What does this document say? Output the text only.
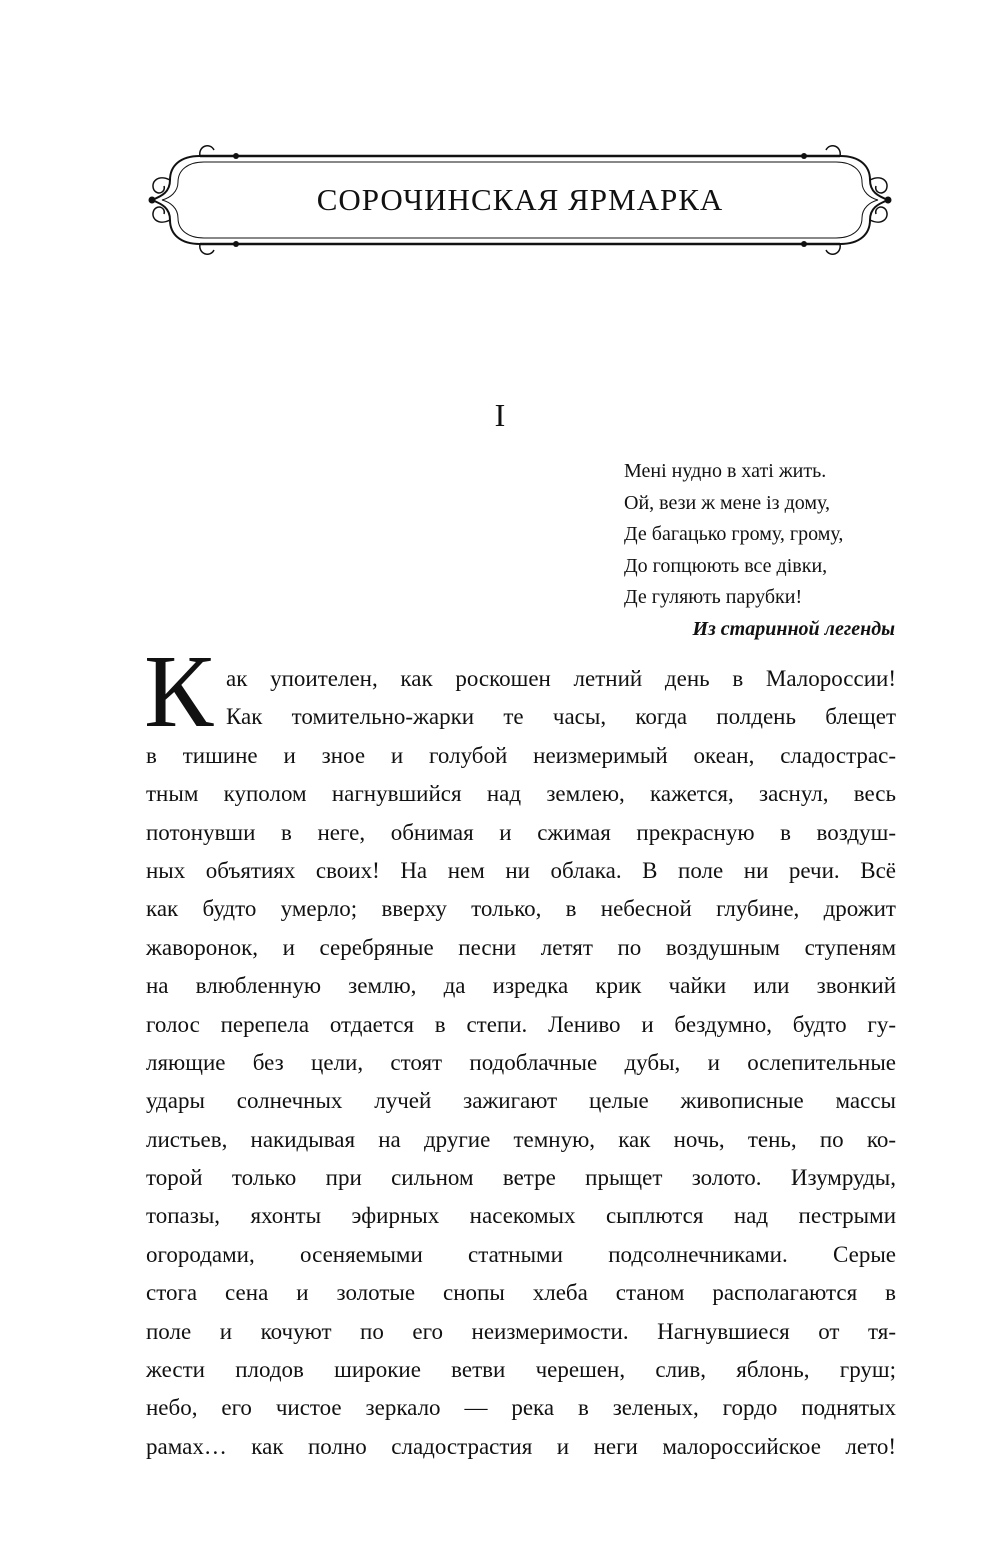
СОРОЧИНСКАЯ ЯРМАРКА
I
Мені нудно в хаті жить.
Ой, вези ж мене із дому,
Де багацько грому, грому,
До гопцюють все дівки,
Де гуляють парубки!
Из старинной легенды
К ак упоителен, как роскошен летний день в Малороссии!
Как томительно-жарки те часы, когда полдень блещет
в тишине и зное и голубой неизмеримый океан, сладострас-
тным куполом нагнувшийся над землею, кажется, заснул, весь
потонувши в неге, обнимая и сжимая прекрасную в воздуш-
ных объятиях своих! На нем ни облака. В поле ни речи. Всё
как будто умерло; вверху только, в небесной глубине, дрожит
жаворонок, и серебряные песни летят по воздушным ступеням
на влюбленную землю, да изредка крик чайки или звонкий
голос перепела отдается в степи. Лениво и бездумно, будто гу-
ляющие без цели, стоят подоблачные дубы, и ослепительные
удары солнечных лучей зажигают целые живописные массы
листьев, накидывая на другие темную, как ночь, тень, по ко-
торой только при сильном ветре прыщет золото. Изумруды,
топазы, яхонты эфирных насекомых сыплются над пестрыми
огородами, осеняемыми статными подсолнечниками. Серые
стога сена и золотые снопы хлеба станом располагаются в
поле и кочуют по его неизмеримости. Нагнувшиеся от тя-
жести плодов широкие ветви черешен, слив, яблонь, груш;
небо, его чистое зеркало — река в зеленых, гордо поднятых
рамах… как полно сладострастия и неги малороссийское лето!
